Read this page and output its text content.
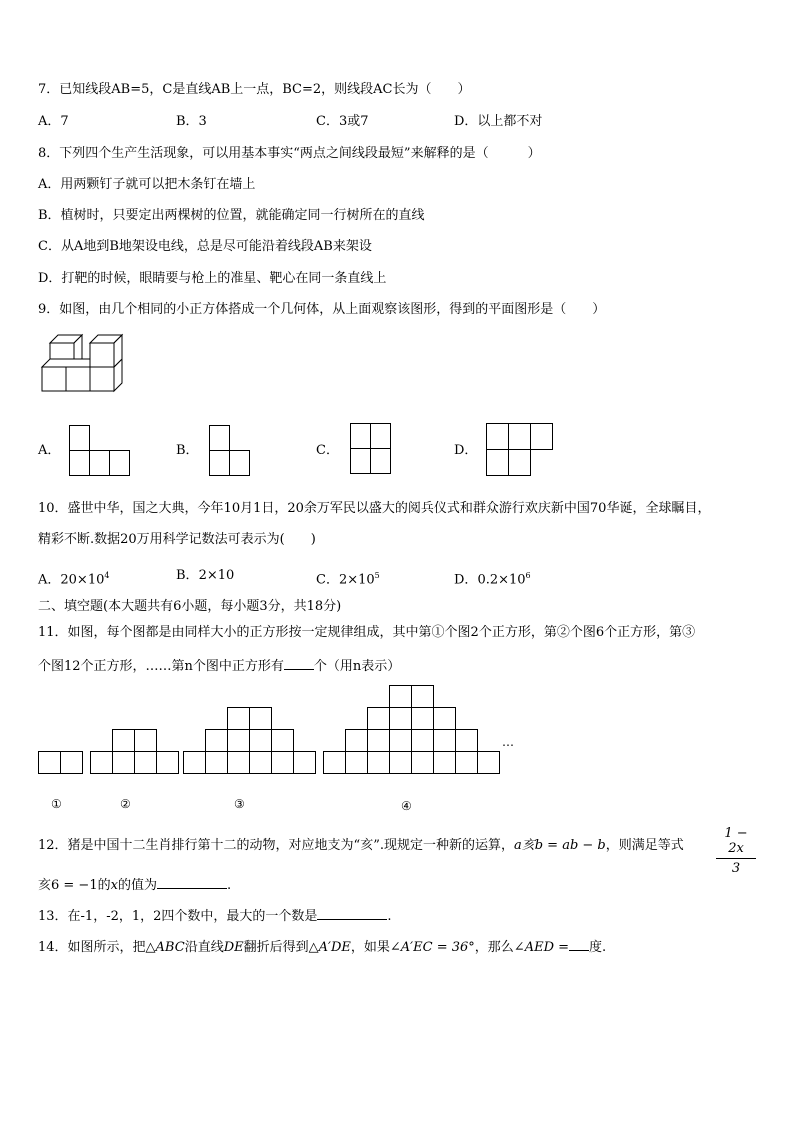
7．已知线段AB=5，C是直线AB上一点，BC=2，则线段AC长为（　　）
A．7	B．3	C．3或7	D．以上都不对
8．下列四个生产生活现象，可以用基本事实“两点之间线段最短”来解释的是（　　　）
A．用两颗钉子就可以把木条钉在墙上
B．植树时，只要定出两棵树的位置，就能确定同一行树所在的直线
C．从A地到B地架设电线，总是尽可能沿着线段AB来架设
D．打靶的时候，眼睛要与枪上的准星、靶心在同一条直线上
9．如图，由几个相同的小正方体搭成一个几何体，从上面观察该图形，得到的平面图形是（　　）
A．	B．	C．	D．
10．盛世中华，国之大典，今年10月1日，20余万军民以盛大的阅兵仪式和群众游行欢庆新中国70华诞，全球瞩目，
精彩不断.数据20万用科学记数法可表示为(　　)
A．$20\times 10^4$	B．2×10	C．$2\times 10^5$	D．$0.2\times 10^6$
二、填空题(本大题共有6小题，每小题3分，共18分)
11．如图，每个图都是由同样大小的正方形按一定规律组成，其中第①个图2个正方形，第②个图6个正方形，第③
个图12个正方形，……第n个图中正方形有 个（用n表示）
…
①	②	③	④
12．猪是中国十二生肖排行第十二的动物，对应地支为“亥”.现规定一种新的运算，a亥b = ab − b，则满足等式 $\frac{1 - 2x}{3}$
亥6 = −1的x的值为	.
13．在-1，-2，1，2四个数中，最大的一个数是	.
14．如图所示，把△ABC沿直线DE翻折后得到△A′DE，如果∠A′EC = 36°，那么∠AED = 度.
